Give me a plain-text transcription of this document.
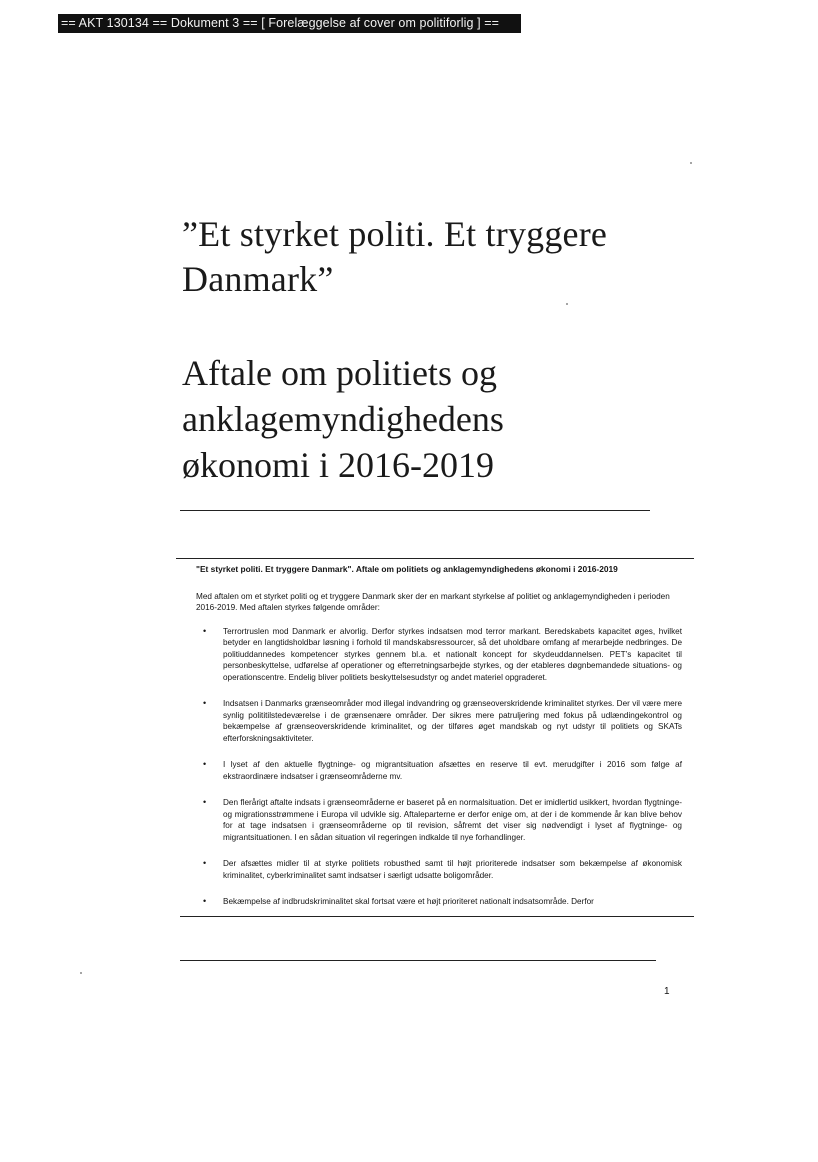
== AKT 130134 == Dokument 3 == [ Forelæggelse af cover om politiforlig ] ==
”Et styrket politi. Et tryggere
Danmark”
Aftale om politiets og
anklagemyndighedens
økonomi i 2016-2019
"Et styrket politi. Et tryggere Danmark". Aftale om politiets og anklagemyndighedens økonomi i 2016-2019

Med aftalen om et styrket politi og et tryggere Danmark sker der en markant styrkelse af politiet og anklagemyndigheden i perioden 2016-2019. Med aftalen styrkes følgende områder:

• Terrortruslen mod Danmark er alvorlig. Derfor styrkes indsatsen mod terror markant. Beredskabets kapacitet øges, hvilket betyder en langtidsholdbar løsning i forhold til mandskabsressourcer, så det uholdbare omfang af merarbejde nedbringes. De politiuddannedes kompetencer styrkes gennem bl.a. et nationalt koncept for skydeuddannelsen. PET’s kapacitet til personbeskyttelse, udførelse af operationer og efterretningsarbejde styrkes, og der etableres døgnbemandede situations- og operationscentre. Endelig bliver politiets beskyttelsesudstyr og andet materiel opgraderet.
• Indsatsen i Danmarks grænseområder mod illegal indvandring og grænseoverskridende kriminalitet styrkes. Der vil være mere synlig polititilstedeværelse i de grænsenære områder. Der sikres mere patruljering med fokus på udlændingekontrol og bekæmpelse af grænseoverskridende kriminalitet, og der tilføres øget mandskab og nyt udstyr til politiets og SKATs efterforskningsaktiviteter.
• I lyset af den aktuelle flygtninge- og migrantsituation afsættes en reserve til evt. merudgifter i 2016 som følge af ekstraordinære indsatser i grænseområderne mv.
• Den flerårigt aftalte indsats i grænseområderne er baseret på en normalsituation. Det er imidlertid usikkert, hvordan flygtninge- og migrationsstrømmene i Europa vil udvikle sig. Aftaleparterne er derfor enige om, at der i de kommende år kan blive behov for at tage indsatsen i grænseområderne op til revision, såfremt det viser sig nødvendigt i lyset af flygtninge- og migrantsituationen. I en sådan situation vil regeringen indkalde til nye forhandlinger.
• Der afsættes midler til at styrke politiets robusthed samt til højt prioriterede indsatser som bekæmpelse af økonomisk kriminalitet, cyberkriminalitet samt indsatser i særligt udsatte boligområder.
• Bekæmpelse af indbrudskriminalitet skal fortsat være et højt prioriteret nationalt indsatsområde. Derfor
1
